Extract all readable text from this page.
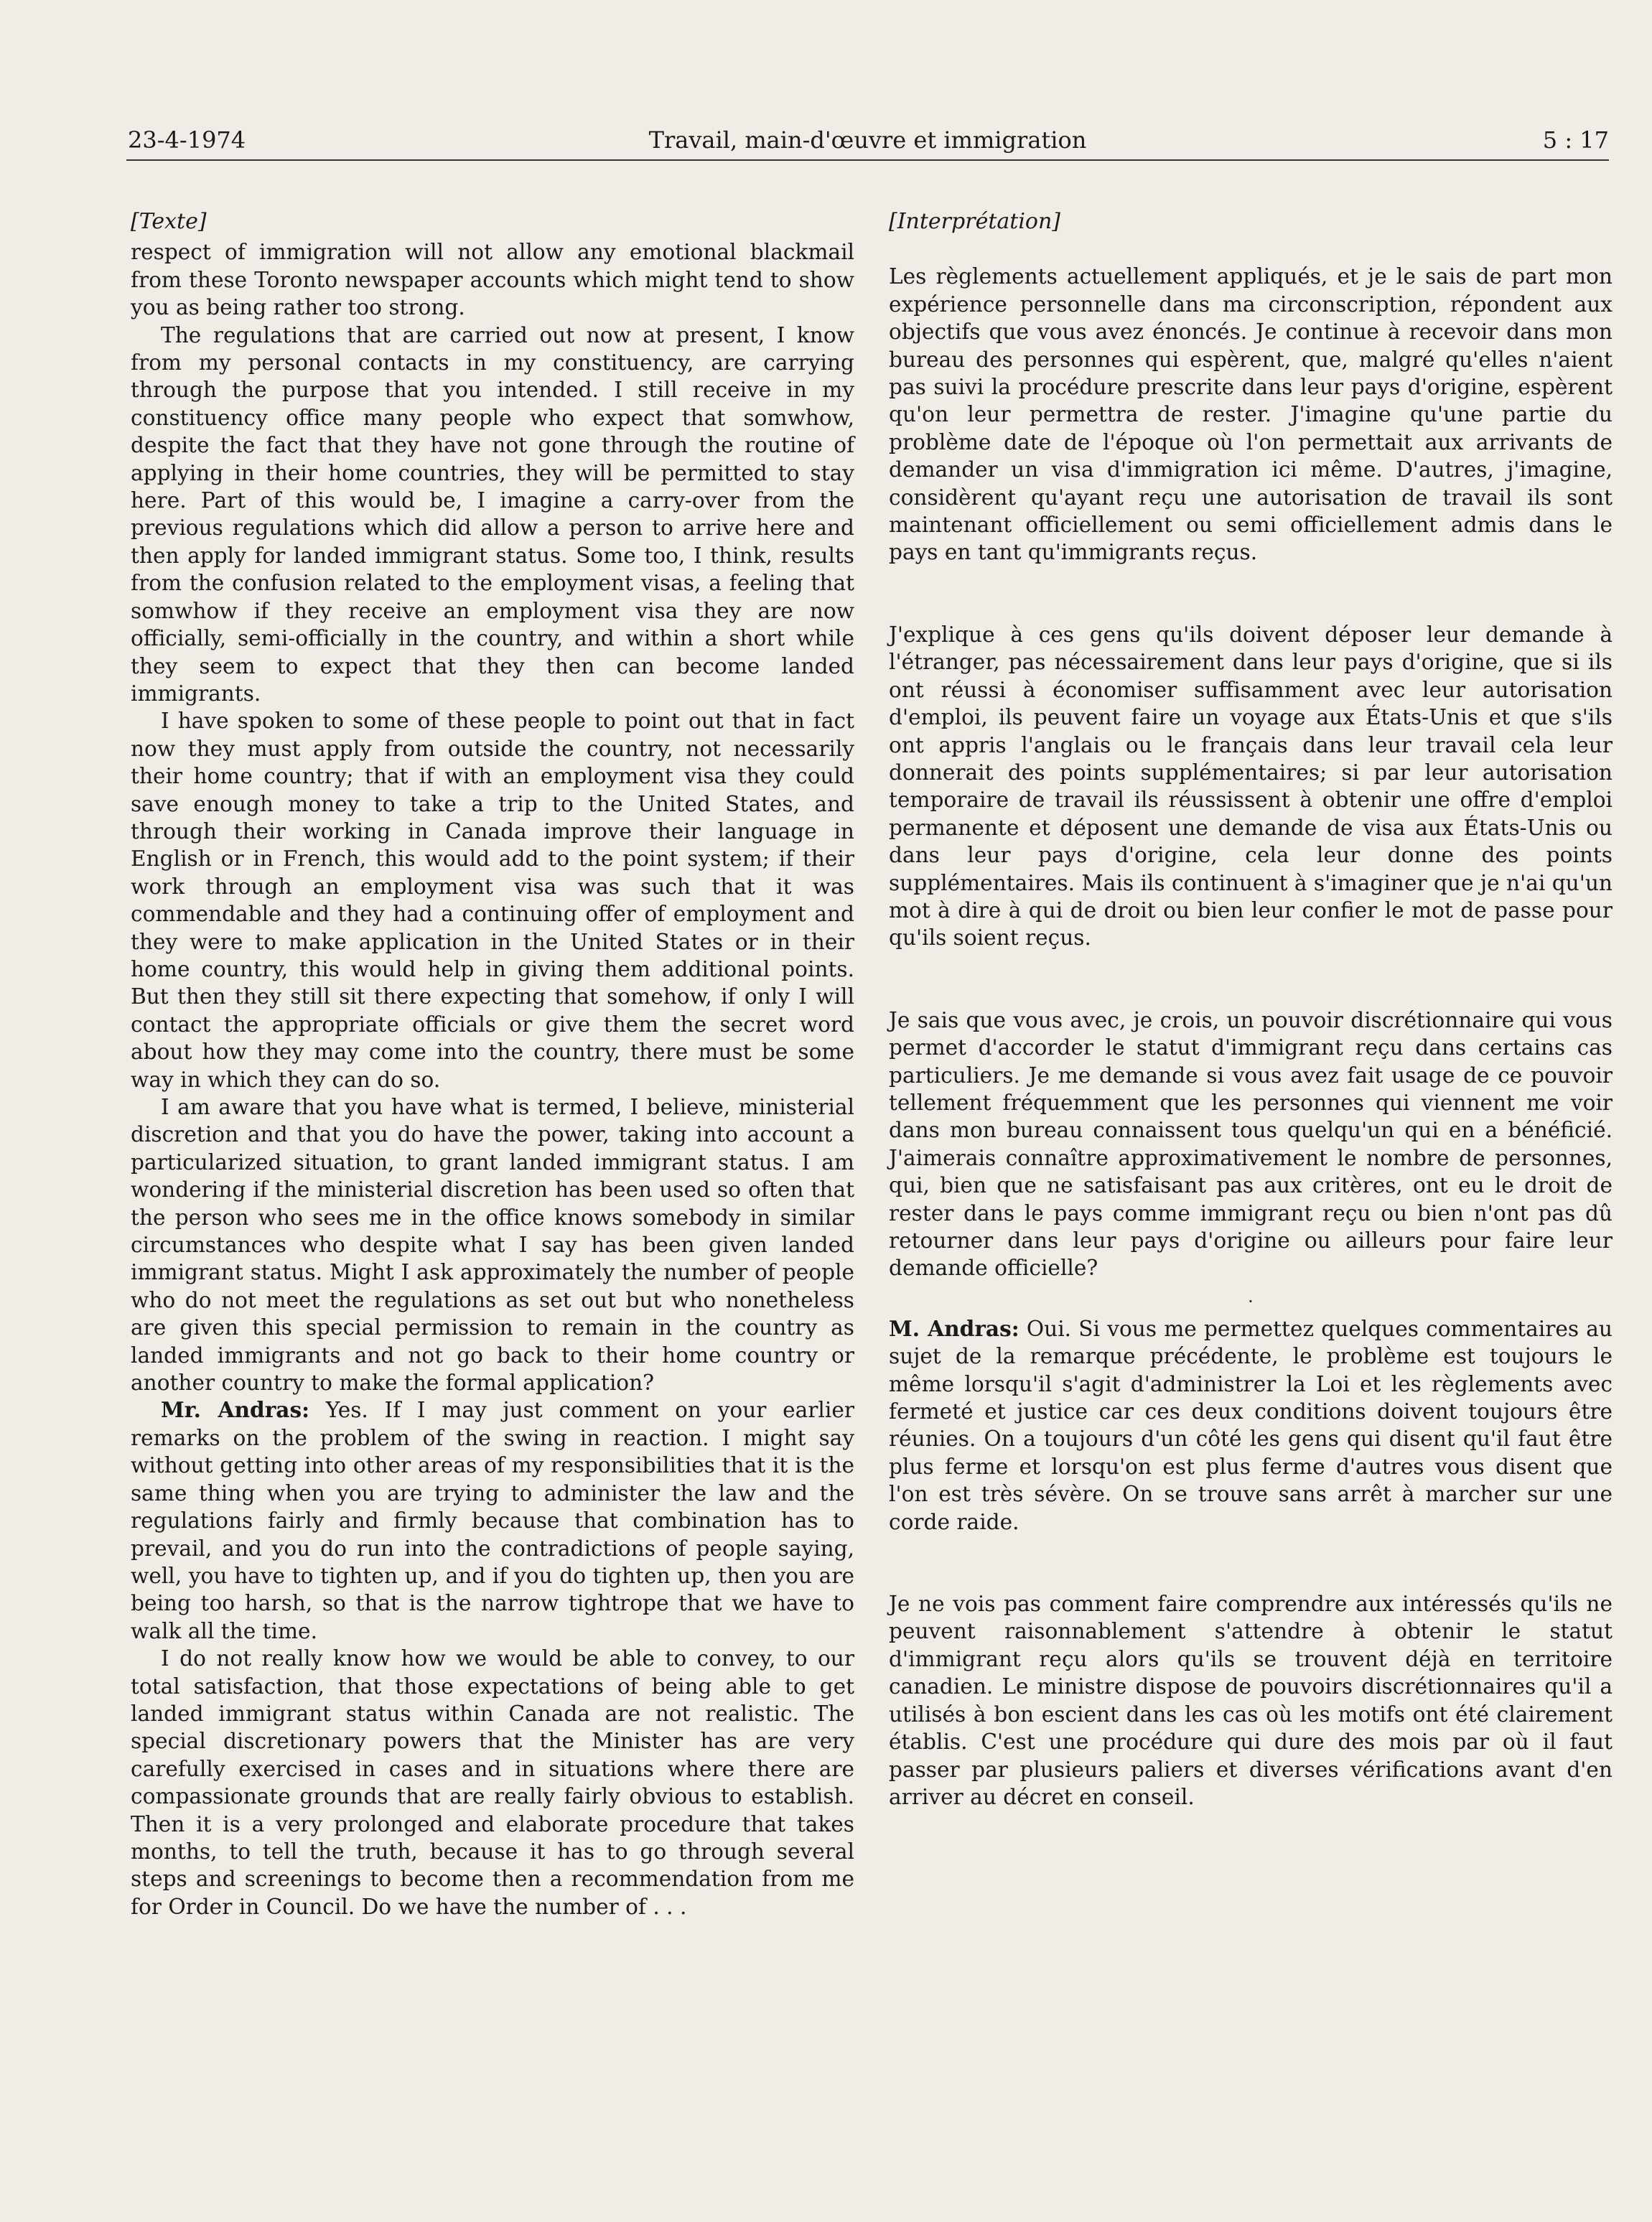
23-4-1974	Travail, main-d'œuvre et immigration	5 : 17
[Texte]

respect of immigration will not allow any emotional blackmail from these Toronto newspaper accounts which might tend to show you as being rather too strong.

The regulations that are carried out now at present, I know from my personal contacts in my constituency, are carrying through the purpose that you intended. I still receive in my constituency office many people who expect that somwhow, despite the fact that they have not gone through the routine of applying in their home countries, they will be permitted to stay here. Part of this would be, I imagine a carry-over from the previous regulations which did allow a person to arrive here and then apply for landed immigrant status. Some too, I think, results from the confusion related to the employment visas, a feeling that somwhow if they receive an employment visa they are now officially, semi-officially in the country, and within a short while they seem to expect that they then can become landed immigrants.

I have spoken to some of these people to point out that in fact now they must apply from outside the country, not necessarily their home country; that if with an employment visa they could save enough money to take a trip to the United States, and through their working in Canada improve their language in English or in French, this would add to the point system; if their work through an employment visa was such that it was commendable and they had a continuing offer of employment and they were to make application in the United States or in their home country, this would help in giving them additional points. But then they still sit there expecting that somehow, if only I will contact the appropriate officials or give them the secret word about how they may come into the country, there must be some way in which they can do so.

I am aware that you have what is termed, I believe, ministerial discretion and that you do have the power, taking into account a particularized situation, to grant landed immigrant status. I am wondering if the ministerial discretion has been used so often that the person who sees me in the office knows somebody in similar circumstances who despite what I say has been given landed immigrant status. Might I ask approximately the number of people who do not meet the regulations as set out but who nonetheless are given this special permission to remain in the country as landed immigrants and not go back to their home country or another country to make the formal application?

Mr. Andras: Yes. If I may just comment on your earlier remarks on the problem of the swing in reaction. I might say without getting into other areas of my responsibilities that it is the same thing when you are trying to administer the law and the regulations fairly and firmly because that combination has to prevail, and you do run into the contradictions of people saying, well, you have to tighten up, and if you do tighten up, then you are being too harsh, so that is the narrow tightrope that we have to walk all the time.

I do not really know how we would be able to convey, to our total satisfaction, that those expectations of being able to get landed immigrant status within Canada are not realistic. The special discretionary powers that the Minister has are very carefully exercised in cases and in situations where there are compassionate grounds that are really fairly obvious to establish. Then it is a very prolonged and elaborate procedure that takes months, to tell the truth, because it has to go through several steps and screenings to become then a recommendation from me for Order in Council. Do we have the number of . . .

[Interprétation]

Les règlements actuellement appliqués, et je le sais de part mon expérience personnelle dans ma circonscription, répondent aux objectifs que vous avez énoncés. Je continue à recevoir dans mon bureau des personnes qui espèrent, que, malgré qu'elles n'aient pas suivi la procédure prescrite dans leur pays d'origine, espèrent qu'on leur permettra de rester. J'imagine qu'une partie du problème date de l'époque où l'on permettait aux arrivants de demander un visa d'immigration ici même. D'autres, j'imagine, considèrent qu'ayant reçu une autorisation de travail ils sont maintenant officiellement ou semi officiellement admis dans le pays en tant qu'immigrants reçus.

J'explique à ces gens qu'ils doivent déposer leur demande à l'étranger, pas nécessairement dans leur pays d'origine, que si ils ont réussi à économiser suffisamment avec leur autorisation d'emploi, ils peuvent faire un voyage aux États-Unis et que s'ils ont appris l'anglais ou le français dans leur travail cela leur donnerait des points supplémentaires; si par leur autorisation temporaire de travail ils réussissent à obtenir une offre d'emploi permanente et déposent une demande de visa aux États-Unis ou dans leur pays d'origine, cela leur donne des points supplémentaires. Mais ils continuent à s'imaginer que je n'ai qu'un mot à dire à qui de droit ou bien leur confier le mot de passe pour qu'ils soient reçus.

Je sais que vous avec, je crois, un pouvoir discrétionnaire qui vous permet d'accorder le statut d'immigrant reçu dans certains cas particuliers. Je me demande si vous avez fait usage de ce pouvoir tellement fréquemment que les personnes qui viennent me voir dans mon bureau connaissent tous quelqu'un qui en a bénéficié. J'aimerais connaître approximativement le nombre de personnes, qui, bien que ne satisfaisant pas aux critères, ont eu le droit de rester dans le pays comme immigrant reçu ou bien n'ont pas dû retourner dans leur pays d'origine ou ailleurs pour faire leur demande officielle?

·

M. Andras: Oui. Si vous me permettez quelques commentaires au sujet de la remarque précédente, le problème est toujours le même lorsqu'il s'agit d'administrer la Loi et les règlements avec fermeté et justice car ces deux conditions doivent toujours être réunies. On a toujours d'un côté les gens qui disent qu'il faut être plus ferme et lorsqu'on est plus ferme d'autres vous disent que l'on est très sévère. On se trouve sans arrêt à marcher sur une corde raide.

Je ne vois pas comment faire comprendre aux intéressés qu'ils ne peuvent raisonnablement s'attendre à obtenir le statut d'immigrant reçu alors qu'ils se trouvent déjà en territoire canadien. Le ministre dispose de pouvoirs discrétionnaires qu'il a utilisés à bon escient dans les cas où les motifs ont été clairement établis. C'est une procédure qui dure des mois par où il faut passer par plusieurs paliers et diverses vérifications avant d'en arriver au décret en conseil.
